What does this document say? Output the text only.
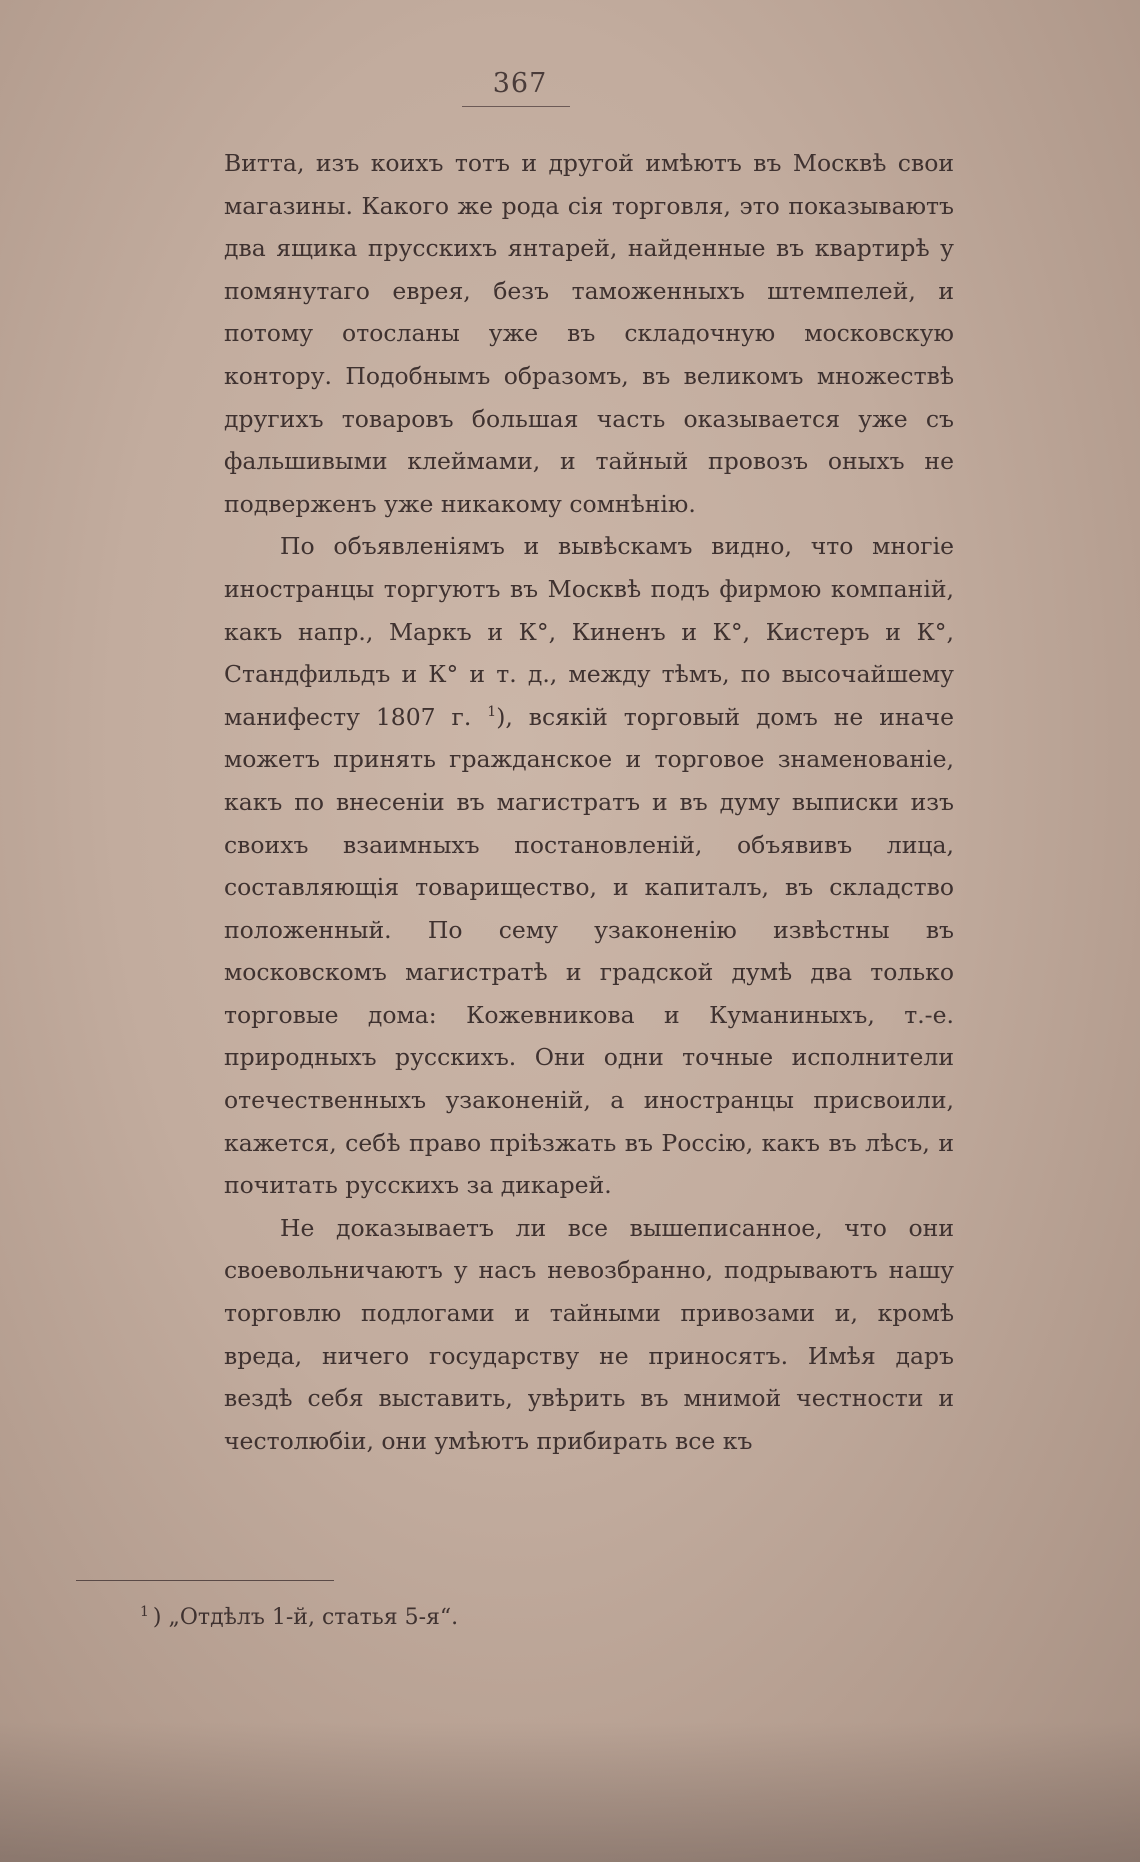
367

Витта, изъ коихъ тотъ и другой имѣютъ въ Москвѣ свои магазины. Какого же рода сія торговля, это показываютъ два ящика прусскихъ янтарей, найденные въ квартирѣ у помянутаго еврея, безъ таможенныхъ штемпелей, и потому отосланы уже въ складочную московскую контору. Подобнымъ образомъ, въ великомъ множествѣ другихъ товаровъ большая часть оказывается уже съ фальшивыми клеймами, и тайный провозъ оныхъ не подверженъ уже никакому сомнѣнію.

По объявленіямъ и вывѣскамъ видно, что многіе иностранцы торгуютъ въ Москвѣ подъ фирмою компаній, какъ напр., Маркъ и К°, Киненъ и К°, Кистеръ и К°, Стандфильдъ и К° и т. д., между тѣмъ, по высочайшему манифесту 1807 г. $^1$), всякій торговый домъ не иначе можетъ принять гражданское и торговое знаменованіе, какъ по внесеніи въ магистратъ и въ думу выписки изъ своихъ взаимныхъ постановленій, объявивъ лица, составляющія товарищество, и капиталъ, въ складство положенный. По сему узаконенію извѣстны въ московскомъ магистратѣ и градской думѣ два только торговые дома: Кожевникова и Куманиныхъ, т.-е. природныхъ русскихъ. Они одни точные исполнители отечественныхъ узаконеній, а иностранцы присвоили, кажется, себѣ право пріѣзжать въ Россію, какъ въ лѣсъ, и почитать русскихъ за дикарей.

Не доказываетъ ли все вышеписанное, что они своевольничаютъ у насъ невозбранно, подрываютъ нашу торговлю подлогами и тайными привозами и, кромѣ вреда, ничего государству не приносятъ. Имѣя даръ вездѣ себя выставить, увѣрить въ мнимой честности и честолюбіи, они умѣютъ прибирать все къ

$^1$ ) „Отдѣлъ 1-й, статья 5-я“.
